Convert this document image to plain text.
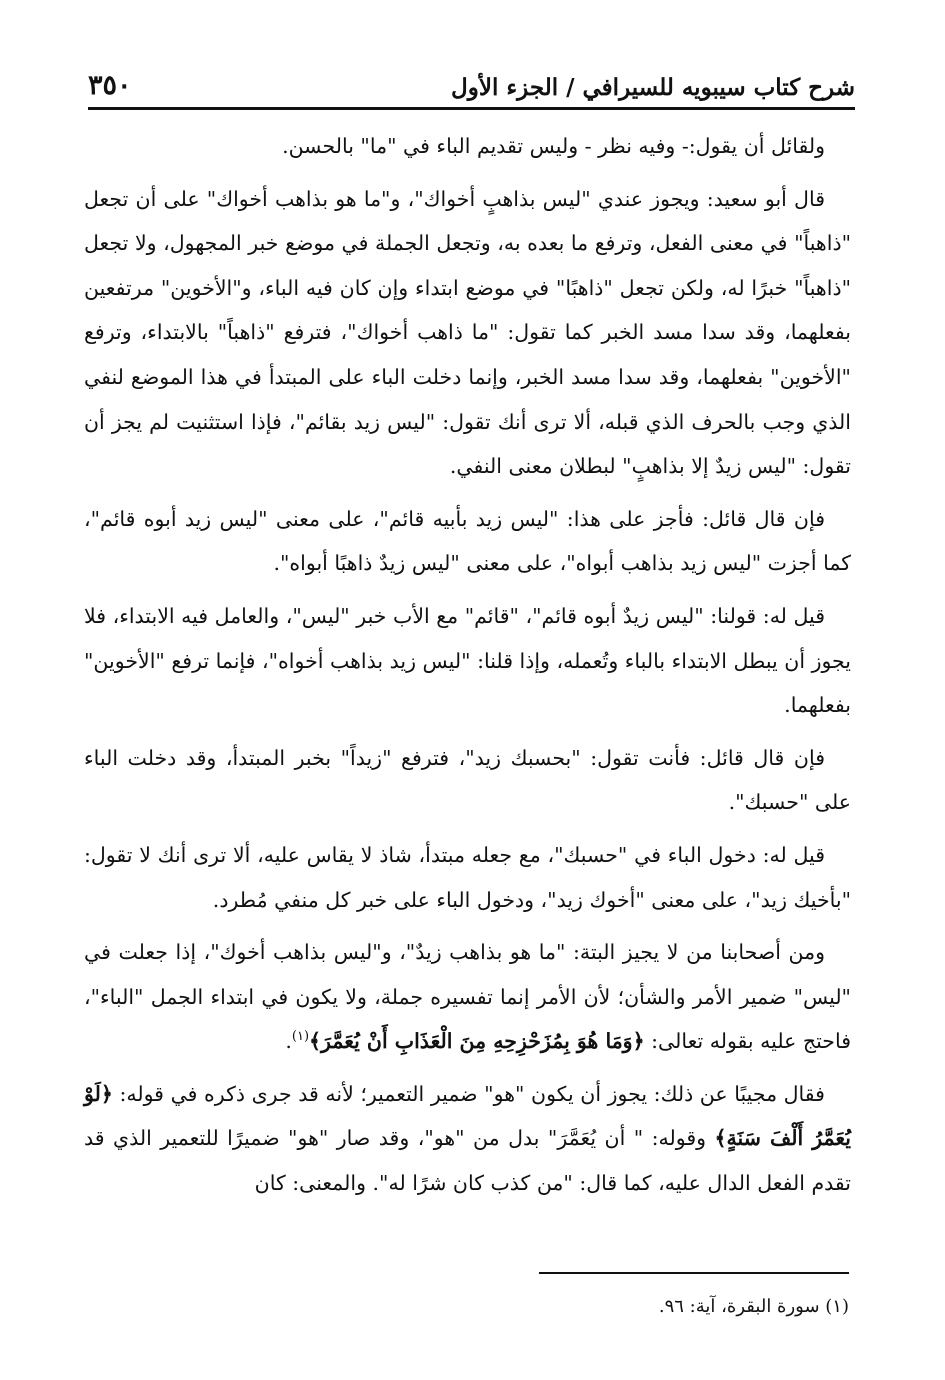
شرح كتاب سيبويه للسيرافي / الجزء الأول
٣٥٠

ولقائل أن يقول:- وفيه نظر - وليس تقديم الباء في "ما" بالحسن.

قال أبو سعيد: ويجوز عندي "ليس بذاهبٍ أخواك"، و"ما هو بذاهب أخواك" على أن تجعل "ذاهباً" في معنى الفعل، وترفع ما بعده به، وتجعل الجملة في موضع خبر المجهول، ولا تجعل "ذاهباً" خبرًا له، ولكن تجعل "ذاهبًا" في موضع ابتداء وإن كان فيه الباء، و"الأخوين" مرتفعين بفعلهما، وقد سدا مسد الخبر كما تقول: "ما ذاهب أخواك"، فترفع "ذاهباً" بالابتداء، وترفع "الأخوين" بفعلهما، وقد سدا مسد الخبر، وإنما دخلت الباء على المبتدأ في هذا الموضع لنفي الذي وجب بالحرف الذي قبله، ألا ترى أنك تقول: "ليس زيد بقائم"، فإذا استثنيت لم يجز أن تقول: "ليس زيدٌ إلا بذاهبٍ" لبطلان معنى النفي.

فإن قال قائل: فأجز على هذا: "ليس زيد بأبيه قائم"، على معنى "ليس زيد أبوه قائم"، كما أجزت "ليس زيد بذاهب أبواه"، على معنى "ليس زيدٌ ذاهبًا أبواه".

قيل له: قولنا: "ليس زيدٌ أبوه قائم"، "قائم" مع الأب خبر "ليس"، والعامل فيه الابتداء، فلا يجوز أن يبطل الابتداء بالباء وتُعمله، وإذا قلنا: "ليس زيد بذاهب أخواه"، فإنما ترفع "الأخوين" بفعلهما.

فإن قال قائل: فأنت تقول: "بحسبك زيد"، فترفع "زيداً" بخبر المبتدأ، وقد دخلت الباء على "حسبك".

قيل له: دخول الباء في "حسبك"، مع جعله مبتدأ، شاذ لا يقاس عليه، ألا ترى أنك لا تقول: "بأخيك زيد"، على معنى "أخوك زيد"، ودخول الباء على خبر كل منفي مُطرد.

ومن أصحابنا من لا يجيز البتة: "ما هو بذاهب زيدٌ"، و"ليس بذاهب أخوك"، إذا جعلت في "ليس" ضمير الأمر والشأن؛ لأن الأمر إنما تفسيره جملة، ولا يكون في ابتداء الجمل "الباء"، فاحتج عليه بقوله تعالى: ﴿وَمَا هُوَ بِمُزَحْزِحِهِ مِنَ الْعَذَابِ أَنْ يُعَمَّرَ﴾$^{(١)}$.

فقال مجيبًا عن ذلك: يجوز أن يكون "هو" ضمير التعمير؛ لأنه قد جرى ذكره في قوله: ﴿لَوْ يُعَمَّرُ أَلْفَ سَنَةٍ﴾ وقوله: " أن يُعَمَّرَ" بدل من "هو"، وقد صار "هو" ضميرًا للتعمير الذي قد تقدم الفعل الدال عليه، كما قال: "من كذب كان شرًا له". والمعنى: كان

(١) سورة البقرة، آية: ٩٦.
